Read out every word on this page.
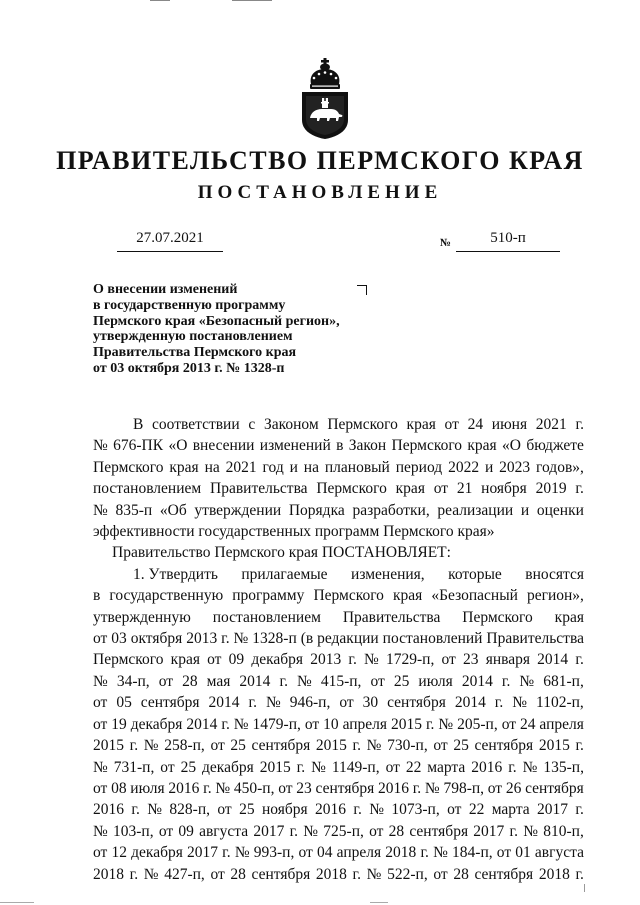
ПРАВИТЕЛЬСТВО ПЕРМСКОГО КРАЯ
ПОСТАНОВЛЕНИЕ
27.07.2021	№	510-п
О внесении изменений
в государственную программу
Пермского края «Безопасный регион»,
утвержденную постановлением
Правительства Пермского края
от 03 октября 2013 г. № 1328-п
В соответствии с Законом Пермского края от 24 июня 2021 г.
№ 676-ПК «О внесении изменений в Закон Пермского края «О бюджете
Пермского края на 2021 год и на плановый период 2022 и 2023 годов»,
постановлением Правительства Пермского края от 21 ноября 2019 г.
№ 835-п «Об утверждении Порядка разработки, реализации и оценки
эффективности государственных программ Пермского края»
Правительство Пермского края ПОСТАНОВЛЯЕТ:
1. Утвердить прилагаемые изменения, которые вносятся
в государственную программу Пермского края «Безопасный регион»,
утвержденную постановлением Правительства Пермского края
от 03 октября 2013 г. № 1328-п (в редакции постановлений Правительства
Пермского края от 09 декабря 2013 г. № 1729-п, от 23 января 2014 г.
№ 34-п, от 28 мая 2014 г. № 415-п, от 25 июля 2014 г. № 681-п,
от 05 сентября 2014 г. № 946-п, от 30 сентября 2014 г. № 1102-п,
от 19 декабря 2014 г. № 1479-п, от 10 апреля 2015 г. № 205-п, от 24 апреля
2015 г. № 258-п, от 25 сентября 2015 г. № 730-п, от 25 сентября 2015 г.
№ 731-п, от 25 декабря 2015 г. № 1149-п, от 22 марта 2016 г. № 135-п,
от 08 июля 2016 г. № 450-п, от 23 сентября 2016 г. № 798-п, от 26 сентября
2016 г. № 828-п, от 25 ноября 2016 г. № 1073-п, от 22 марта 2017 г.
№ 103-п, от 09 августа 2017 г. № 725-п, от 28 сентября 2017 г. № 810-п,
от 12 декабря 2017 г. № 993-п, от 04 апреля 2018 г. № 184-п, от 01 августа
2018 г. № 427-п, от 28 сентября 2018 г. № 522-п, от 28 сентября 2018 г.
